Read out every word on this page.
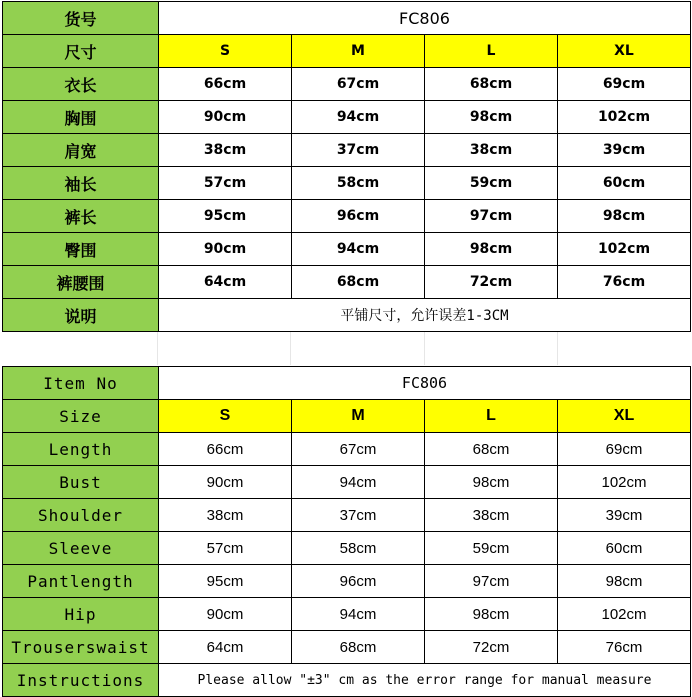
货号	FC806			
尺寸	S	M	L	XL
衣长	66cm	67cm	68cm	69cm
胸围	90cm	94cm	98cm	102cm
肩宽	38cm	37cm	38cm	39cm
袖长	57cm	58cm	59cm	60cm
裤长	95cm	96cm	97cm	98cm
臀围	90cm	94cm	98cm	102cm
裤腰围	64cm	68cm	72cm	76cm
说明	平铺尺寸，允许误差1-3CM			
Item No	FC806			
Size	S	M	L	XL
Length	66cm	67cm	68cm	69cm
Bust	90cm	94cm	98cm	102cm
Shoulder	38cm	37cm	38cm	39cm
Sleeve	57cm	58cm	59cm	60cm
Pantlength	95cm	96cm	97cm	98cm
Hip	90cm	94cm	98cm	102cm
Trouserswaist	64cm	68cm	72cm	76cm
Instructions	Please allow "±3" cm as the error range for manual measure			
